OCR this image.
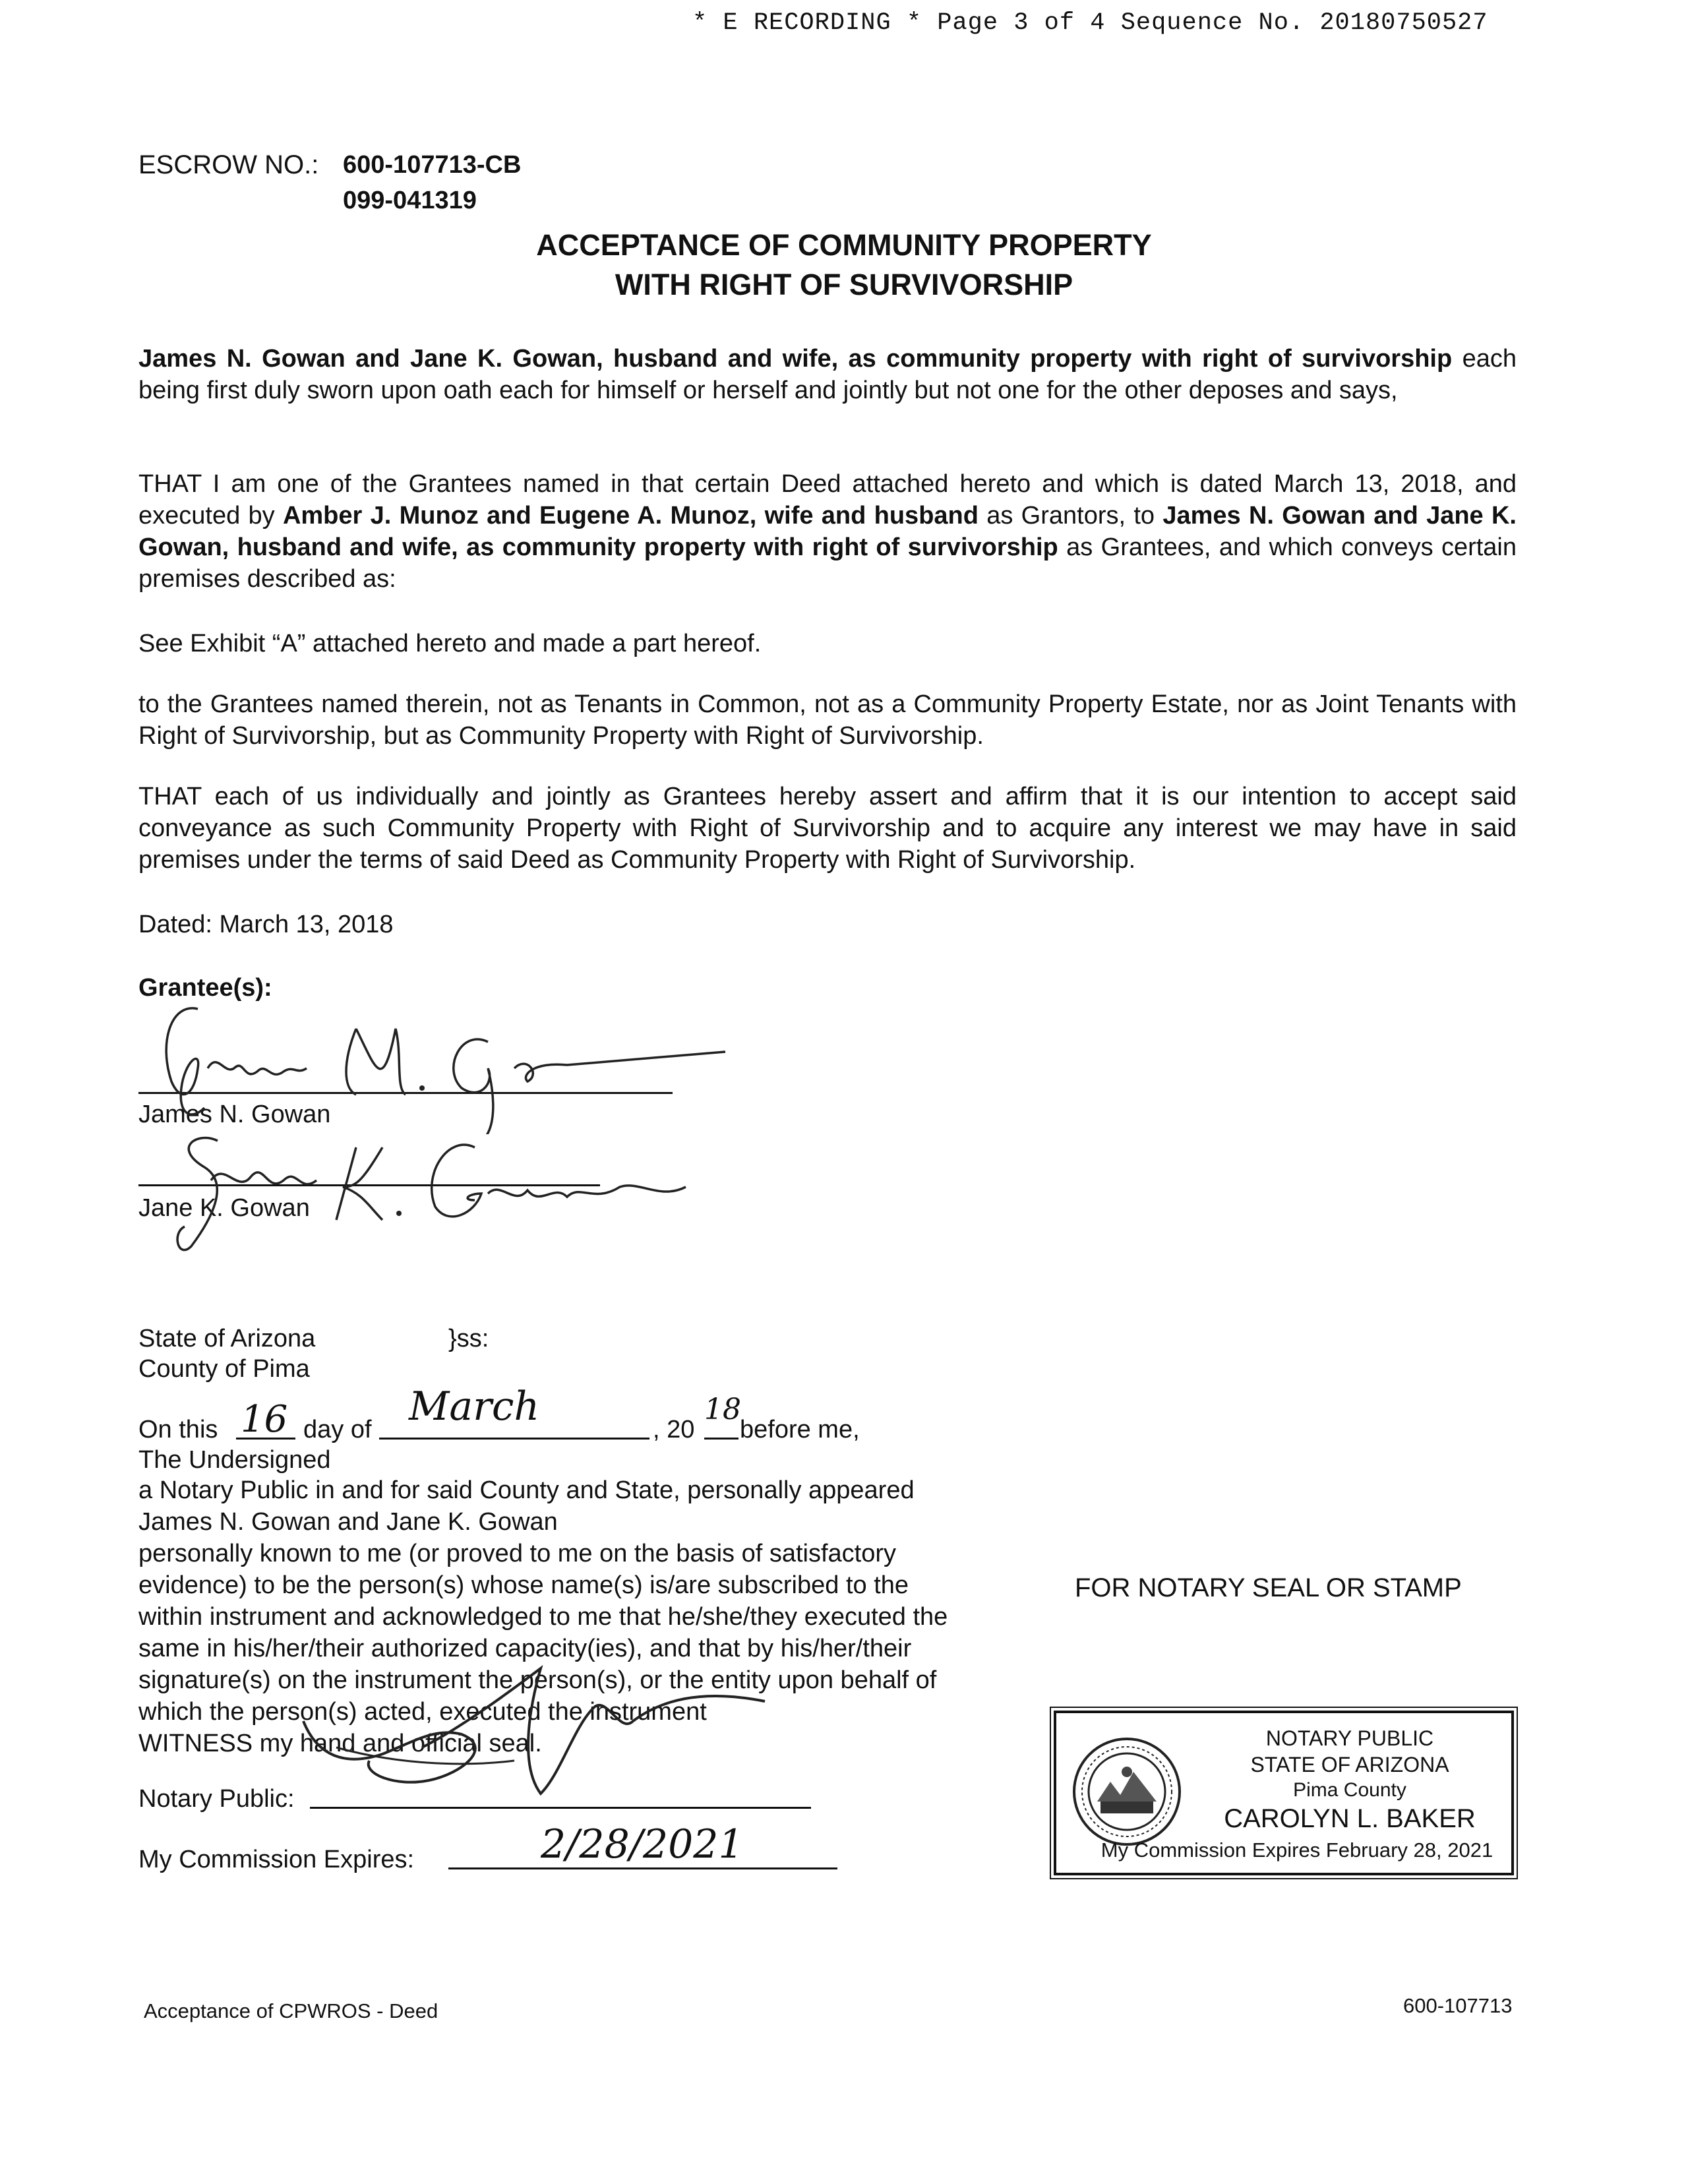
* E RECORDING * Page 3 of 4 Sequence No. 20180750527
ESCROW NO.: 600-107713-CB
099-041319
ACCEPTANCE OF COMMUNITY PROPERTY
WITH RIGHT OF SURVIVORSHIP
James N. Gowan and Jane K. Gowan, husband and wife, as community property with right of survivorship each being first duly sworn upon oath each for himself or herself and jointly but not one for the other deposes and says,
THAT I am one of the Grantees named in that certain Deed attached hereto and which is dated March 13, 2018, and executed by Amber J. Munoz and Eugene A. Munoz, wife and husband as Grantors, to James N. Gowan and Jane K. Gowan, husband and wife, as community property with right of survivorship as Grantees, and which conveys certain premises described as:
See Exhibit “A” attached hereto and made a part hereof.
to the Grantees named therein, not as Tenants in Common, not as a Community Property Estate, nor as Joint Tenants with Right of Survivorship, but as Community Property with Right of Survivorship.
THAT each of us individually and jointly as Grantees hereby assert and affirm that it is our intention to accept said conveyance as such Community Property with Right of Survivorship and to acquire any interest we may have in said premises under the terms of said Deed as Community Property with Right of Survivorship.
Dated: March 13, 2018
Grantee(s):
James N. Gowan
Jane K. Gowan
State of Arizona	}ss:
County of Pima
On this 16 day of March	, 20
18
before me,
The Undersigned
a Notary Public in and for said County and State, personally appeared
James N. Gowan and Jane K. Gowan
personally known to me (or proved to me on the basis of satisfactory
evidence) to be the person(s) whose name(s) is/are subscribed to the
within instrument and acknowledged to me that he/she/they executed the
same in his/her/their authorized capacity(ies), and that by his/her/their
signature(s) on the instrument the person(s), or the entity upon behalf of
which the person(s) acted, executed the instrument
WITNESS my hand and official seal.
Notary Public:
My Commission Expires:	2/28/2021
FOR NOTARY SEAL OR STAMP
NOTARY PUBLIC
STATE OF ARIZONA
Pima County
CAROLYN L. BAKER
My Commission Expires February 28, 2021
Acceptance of CPWROS - Deed	600-107713
